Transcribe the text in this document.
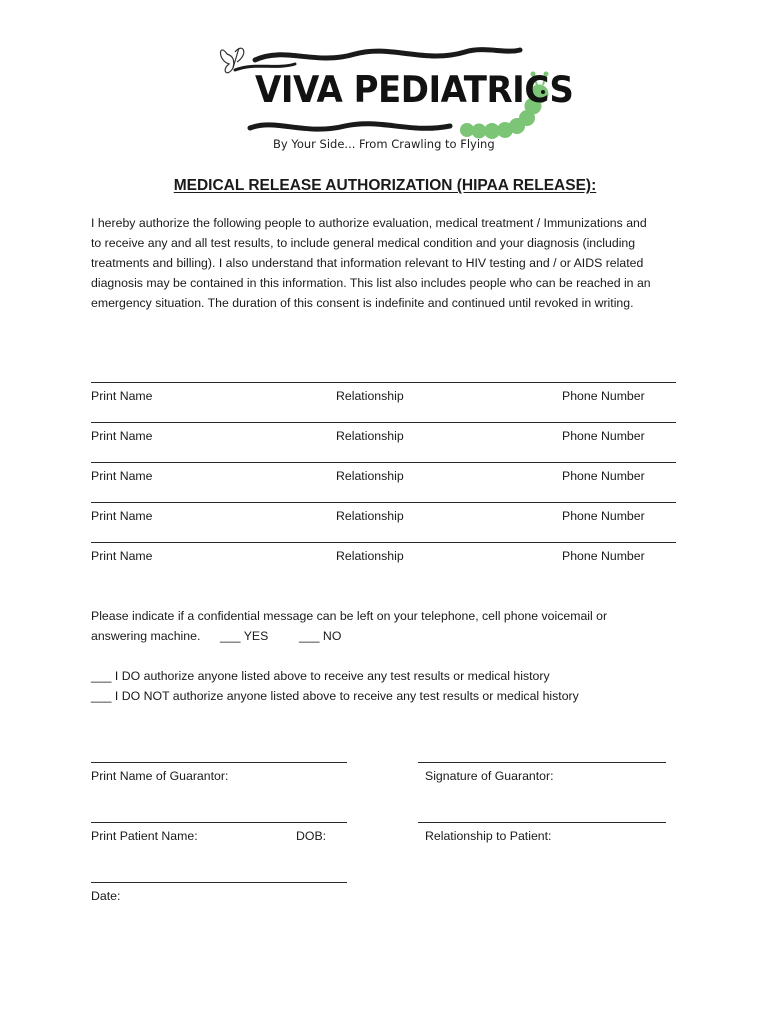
VIVA PEDIATRICS
By Your Side... From Crawling to Flying
MEDICAL RELEASE AUTHORIZATION (HIPAA RELEASE):
I hereby authorize the following people to authorize evaluation, medical treatment / Immunizations and
to receive any and all test results, to include general medical condition and your diagnosis (including
treatments and billing). I also understand that information relevant to HIV testing and / or AIDS related
diagnosis may be contained in this information. This list also includes people who can be reached in an
emergency situation. The duration of this consent is indefinite and continued until revoked in writing.
Print Name	Relationship	Phone Number
Print Name	Relationship	Phone Number
Print Name	Relationship	Phone Number
Print Name	Relationship	Phone Number
Print Name	Relationship	Phone Number
Please indicate if a confidential message can be left on your telephone, cell phone voicemail or
answering machine. ___ YES ___ NO
___ I DO authorize anyone listed above to receive any test results or medical history
___ I DO NOT authorize anyone listed above to receive any test results or medical history
Print Name of Guarantor:	Signature of Guarantor:
Print Patient Name:	DOB:	Relationship to Patient:
Date:
